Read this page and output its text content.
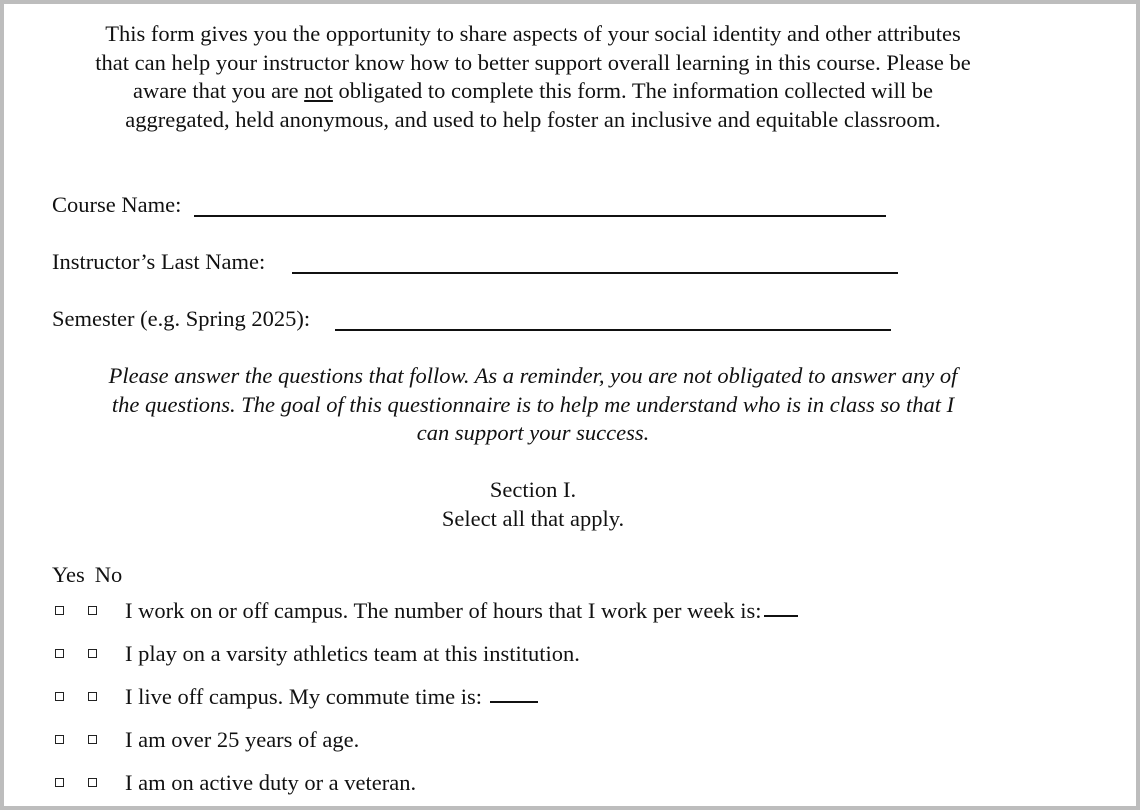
This form gives you the opportunity to share aspects of your social identity and other attributes
that can help your instructor know how to better support overall learning in this course. Please be
aware that you are not obligated to complete this form. The information collected will be
aggregated, held anonymous, and used to help foster an inclusive and equitable classroom.
Course Name:
Instructor’s Last Name:
Semester (e.g. Spring 2025):
Please answer the questions that follow. As a reminder, you are not obligated to answer any of
the questions. The goal of this questionnaire is to help me understand who is in class so that I
can support your success.
Section I.
Select all that apply.
Yes No
I work on or off campus. The number of hours that I work per week is:
I play on a varsity athletics team at this institution.
I live off campus. My commute time is:
I am over 25 years of age.
I am on active duty or a veteran.
